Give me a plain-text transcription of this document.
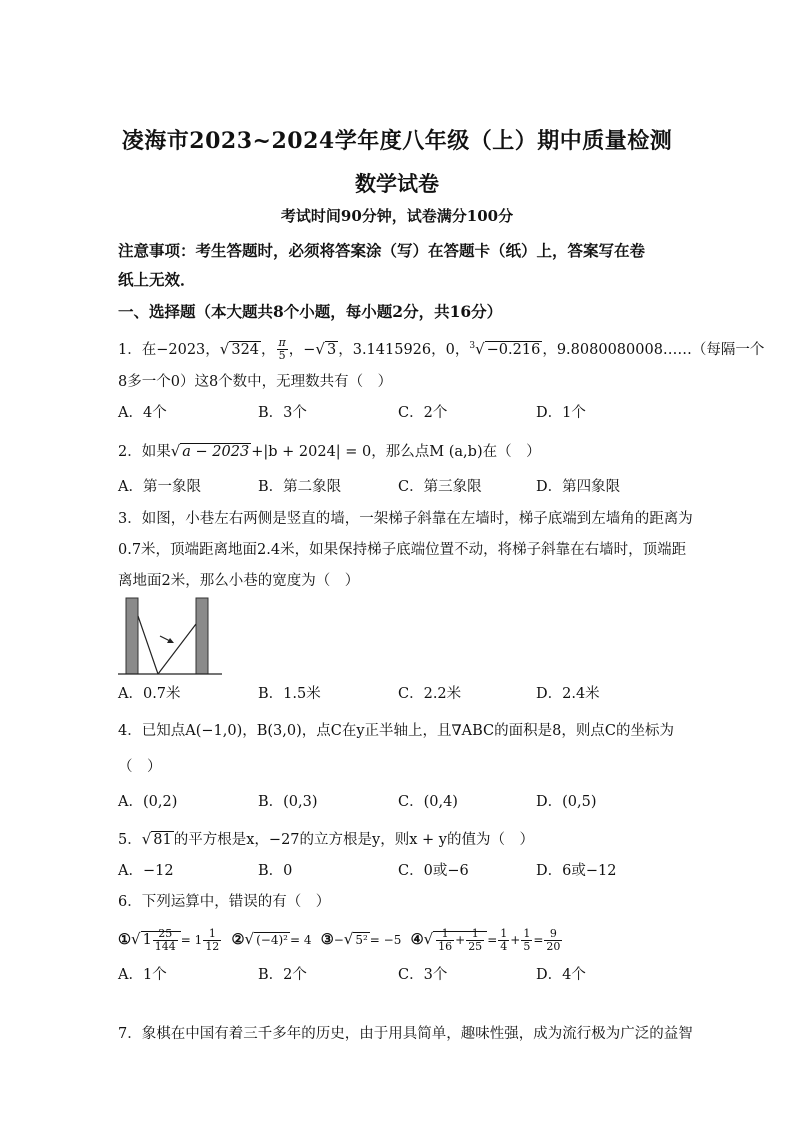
凌海市2023~2024学年度八年级（上）期中质量检测
数学试卷
考试时间90分钟，试卷满分100分
注意事项：考生答题时，必须将答案涂（写）在答题卡（纸）上，答案写在卷
纸上无效．
一、选择题（本大题共8个小题，每小题2分，共16分）
1．在−2023，√ 324 ， $\frac{\pi}{5}$ ，−√ 3 ，3.1415926，0，$^3$√ −0.216 ，9.8080080008……（每隔一个
8多一个0）这8个数中，无理数共有（　）
A．4个	B．3个	C．2个	D．1个
2．如果√ a − 2023 +|b + 2024| = 0，那么点M (a,b)在（　）
A．第一象限	B．第二象限	C．第三象限	D．第四象限
3．如图，小巷左右两侧是竖直的墙，一架梯子斜靠在左墙时，梯子底端到左墙角的距离为
0.7米，顶端距离地面2.4米，如果保持梯子底端位置不动，将梯子斜靠在右墙时，顶端距
离地面2米，那么小巷的宽度为（　）
A．0.7米	B．1.5米	C．2.2米	D．2.4米
4．已知点A(−1,0)，B(3,0)，点C在y正半轴上，且∇ABC的面积是8，则点C的坐标为
（　）
A．(0,2)	B．(0,3)	C．(0,4)	D．(0,5)
5．√ 81 的平方根是x，−27的立方根是y，则x + y的值为（　）
A．−12	B．0	C．0或−6	D．6或−12
6．下列运算中，错误的有（　）
①√ $1 \frac{25}{144} = 1 \frac{1}{12}$ ②√ (−4)² = 4 ③−√ 5² = −5 ④√ $\frac{1}{16} + \frac{1}{25} = \frac{1}{4} + \frac{1}{5} = \frac{9}{20}$
A．1个	B．2个	C．3个	D．4个
7．象棋在中国有着三千多年的历史，由于用具简单，趣味性强，成为流行极为广泛的益智
